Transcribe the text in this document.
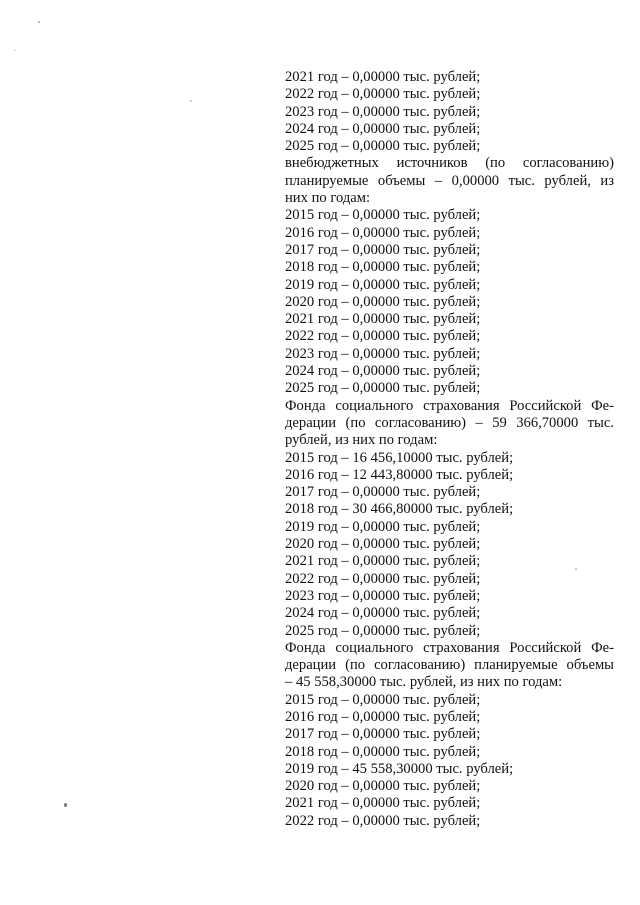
2021 год – 0,00000 тыс. рублей;
2022 год – 0,00000 тыс. рублей;
2023 год – 0,00000 тыс. рублей;
2024 год – 0,00000 тыс. рублей;
2025 год – 0,00000 тыс. рублей;
внебюджетных источников (по согласованию)
планируемые объемы – 0,00000 тыс. рублей, из
них по годам:
2015 год – 0,00000 тыс. рублей;
2016 год – 0,00000 тыс. рублей;
2017 год – 0,00000 тыс. рублей;
2018 год – 0,00000 тыс. рублей;
2019 год – 0,00000 тыс. рублей;
2020 год – 0,00000 тыс. рублей;
2021 год – 0,00000 тыс. рублей;
2022 год – 0,00000 тыс. рублей;
2023 год – 0,00000 тыс. рублей;
2024 год – 0,00000 тыс. рублей;
2025 год – 0,00000 тыс. рублей;
Фонда социального страхования Российской Фе-
дерации (по согласованию) – 59 366,70000 тыс.
рублей, из них по годам:
2015 год – 16 456,10000 тыс. рублей;
2016 год – 12 443,80000 тыс. рублей;
2017 год – 0,00000 тыс. рублей;
2018 год – 30 466,80000 тыс. рублей;
2019 год – 0,00000 тыс. рублей;
2020 год – 0,00000 тыс. рублей;
2021 год – 0,00000 тыс. рублей;
2022 год – 0,00000 тыс. рублей;
2023 год – 0,00000 тыс. рублей;
2024 год – 0,00000 тыс. рублей;
2025 год – 0,00000 тыс. рублей;
Фонда социального страхования Российской Фе-
дерации (по согласованию) планируемые объемы
– 45 558,30000 тыс. рублей, из них по годам:
2015 год – 0,00000 тыс. рублей;
2016 год – 0,00000 тыс. рублей;
2017 год – 0,00000 тыс. рублей;
2018 год – 0,00000 тыс. рублей;
2019 год – 45 558,30000 тыс. рублей;
2020 год – 0,00000 тыс. рублей;
2021 год – 0,00000 тыс. рублей;
2022 год – 0,00000 тыс. рублей;
